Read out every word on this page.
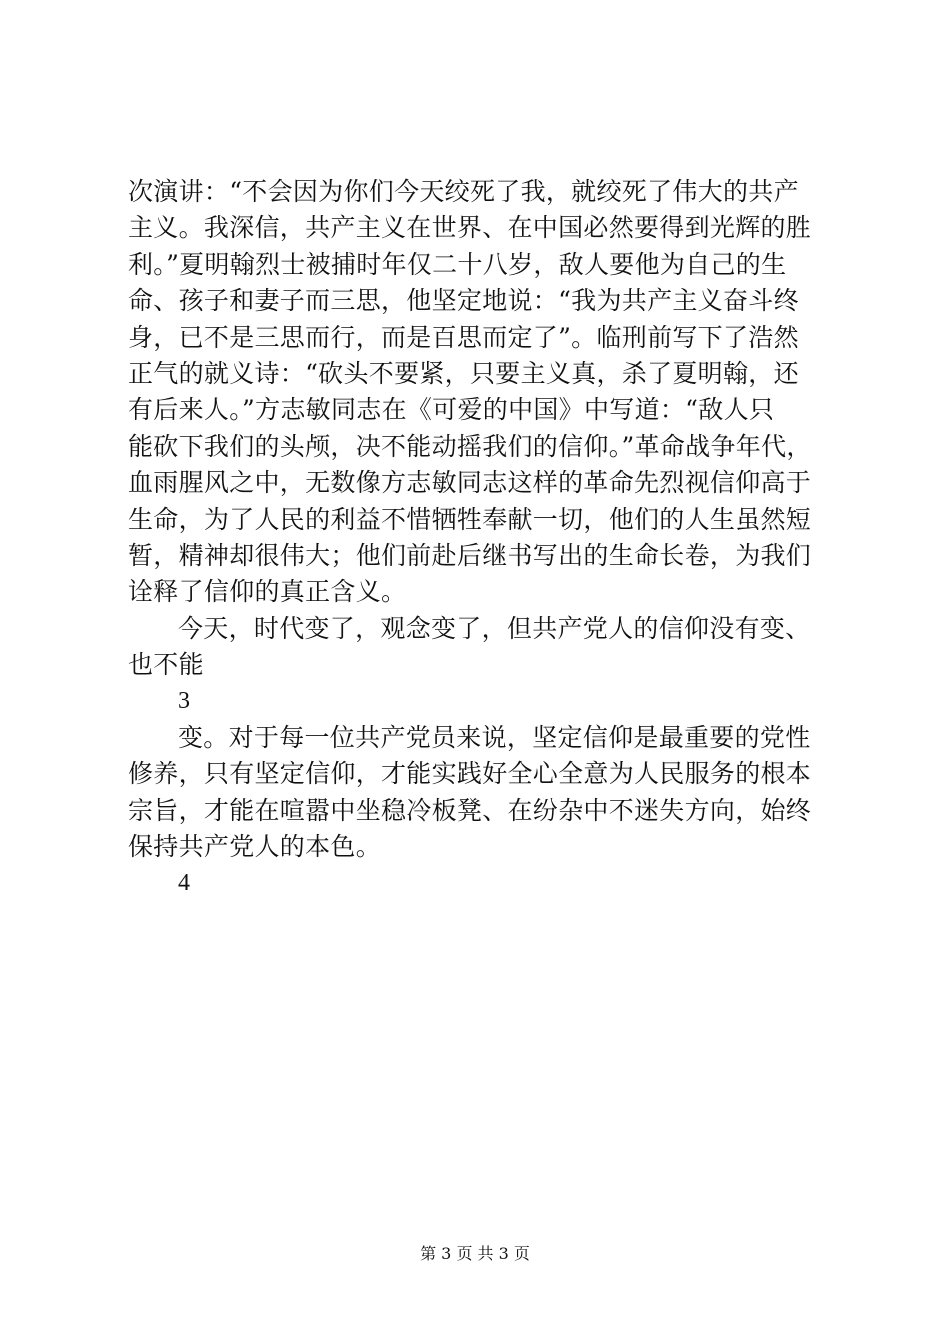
次演讲：“不会因为你们今天绞死了我，就绞死了伟大的共产
主义。我深信，共产主义在世界、在中国必然要得到光辉的胜
利。”夏明翰烈士被捕时年仅二十八岁，敌人要他为自己的生
命、孩子和妻子而三思，他坚定地说：“我为共产主义奋斗终
身，已不是三思而行，而是百思而定了”。临刑前写下了浩然
正气的就义诗：“砍头不要紧，只要主义真，杀了夏明翰，还
有后来人。”方志敏同志在《可爱的中国》中写道：“敌人只
能砍下我们的头颅，决不能动摇我们的信仰。”革命战争年代，
血雨腥风之中，无数像方志敏同志这样的革命先烈视信仰高于
生命，为了人民的利益不惜牺牲奉献一切，他们的人生虽然短
暂，精神却很伟大；他们前赴后继书写出的生命长卷，为我们
诠释了信仰的真正含义。
今天，时代变了，观念变了，但共产党人的信仰没有变、
也不能
3
变。对于每一位共产党员来说，坚定信仰是最重要的党性
修养，只有坚定信仰，才能实践好全心全意为人民服务的根本
宗旨，才能在喧嚣中坐稳冷板凳、在纷杂中不迷失方向，始终
保持共产党人的本色。
4
第 3 页 共 3 页
